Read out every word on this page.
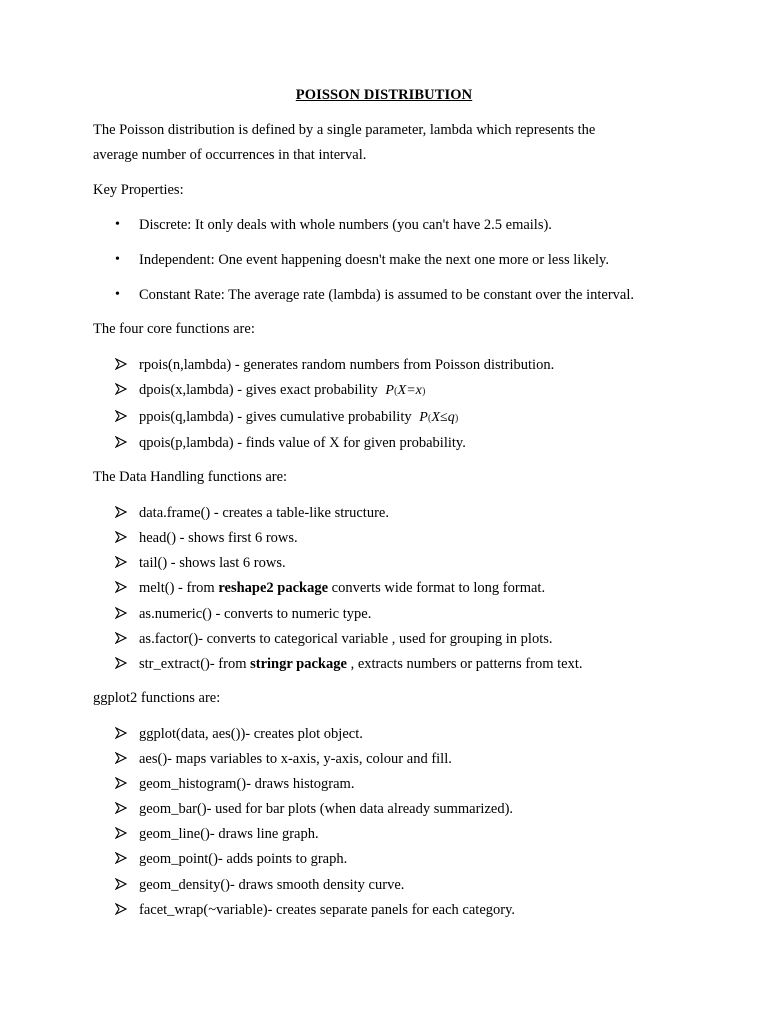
POISSON DISTRIBUTION
The Poisson distribution is defined by a single parameter, lambda which represents the
average number of occurrences in that interval.
Key Properties:
• Discrete: It only deals with whole numbers (you can't have 2.5 emails).
• Independent: One event happening doesn't make the next one more or less likely.
• Constant Rate: The average rate (lambda) is assumed to be constant over the interval.
The four core functions are:
rpois(n,lambda) - generates random numbers from Poisson distribution.
dpois(x,lambda) - gives exact probability P(X=x)
ppois(q,lambda) - gives cumulative probability P(X≤q)
qpois(p,lambda) - finds value of X for given probability.
The Data Handling functions are:
data.frame() - creates a table-like structure.
head() - shows first 6 rows.
tail() - shows last 6 rows.
melt() - from reshape2 package converts wide format to long format.
as.numeric() - converts to numeric type.
as.factor()- converts to categorical variable , used for grouping in plots.
str_extract()- from stringr package , extracts numbers or patterns from text.
ggplot2 functions are:
ggplot(data, aes())- creates plot object.
aes()- maps variables to x-axis, y-axis, colour and fill.
geom_histogram()- draws histogram.
geom_bar()- used for bar plots (when data already summarized).
geom_line()- draws line graph.
geom_point()- adds points to graph.
geom_density()- draws smooth density curve.
facet_wrap(~variable)- creates separate panels for each category.
